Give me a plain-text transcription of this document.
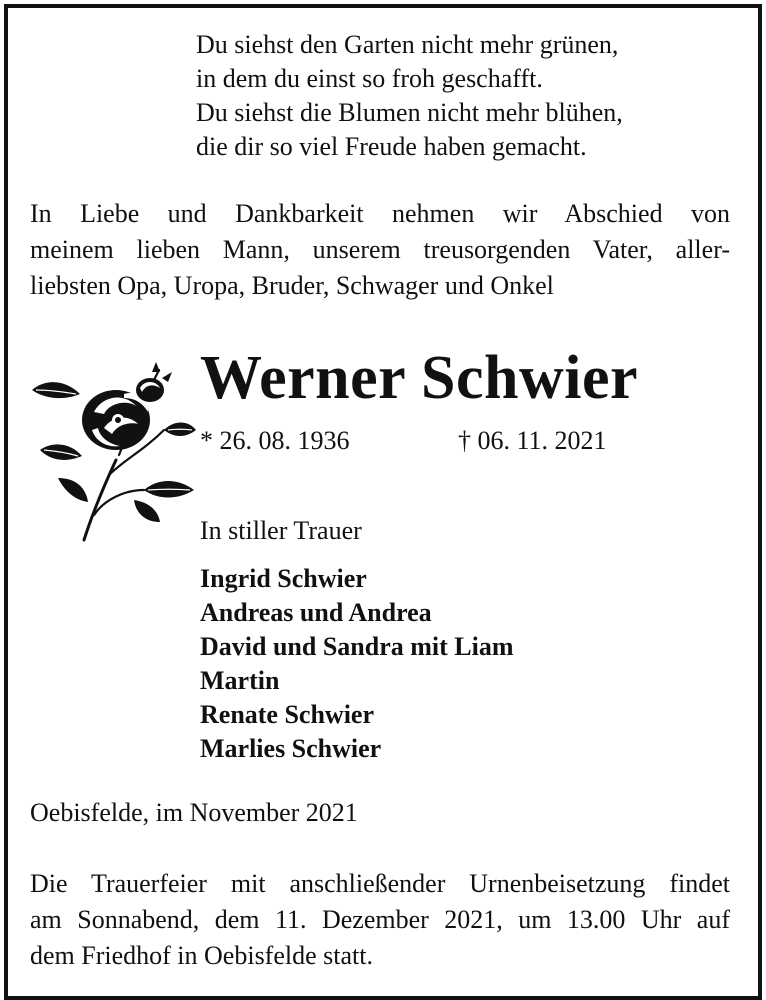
Du siehst den Garten nicht mehr grünen,
in dem du einst so froh geschafft.
Du siehst die Blumen nicht mehr blühen,
die dir so viel Freude haben gemacht.
In Liebe und Dankbarkeit nehmen wir Abschied von
meinem lieben Mann, unserem treusorgenden Vater, aller-
liebsten Opa, Uropa, Bruder, Schwager und Onkel
Werner Schwier
* 26. 08. 1936	† 06. 11. 2021
In stiller Trauer
Ingrid Schwier
Andreas und Andrea
David und Sandra mit Liam
Martin
Renate Schwier
Marlies Schwier
Oebisfelde, im November 2021
Die Trauerfeier mit anschließender Urnenbeisetzung findet
am Sonnabend, dem 11. Dezember 2021, um 13.00 Uhr auf
dem Friedhof in Oebisfelde statt.
